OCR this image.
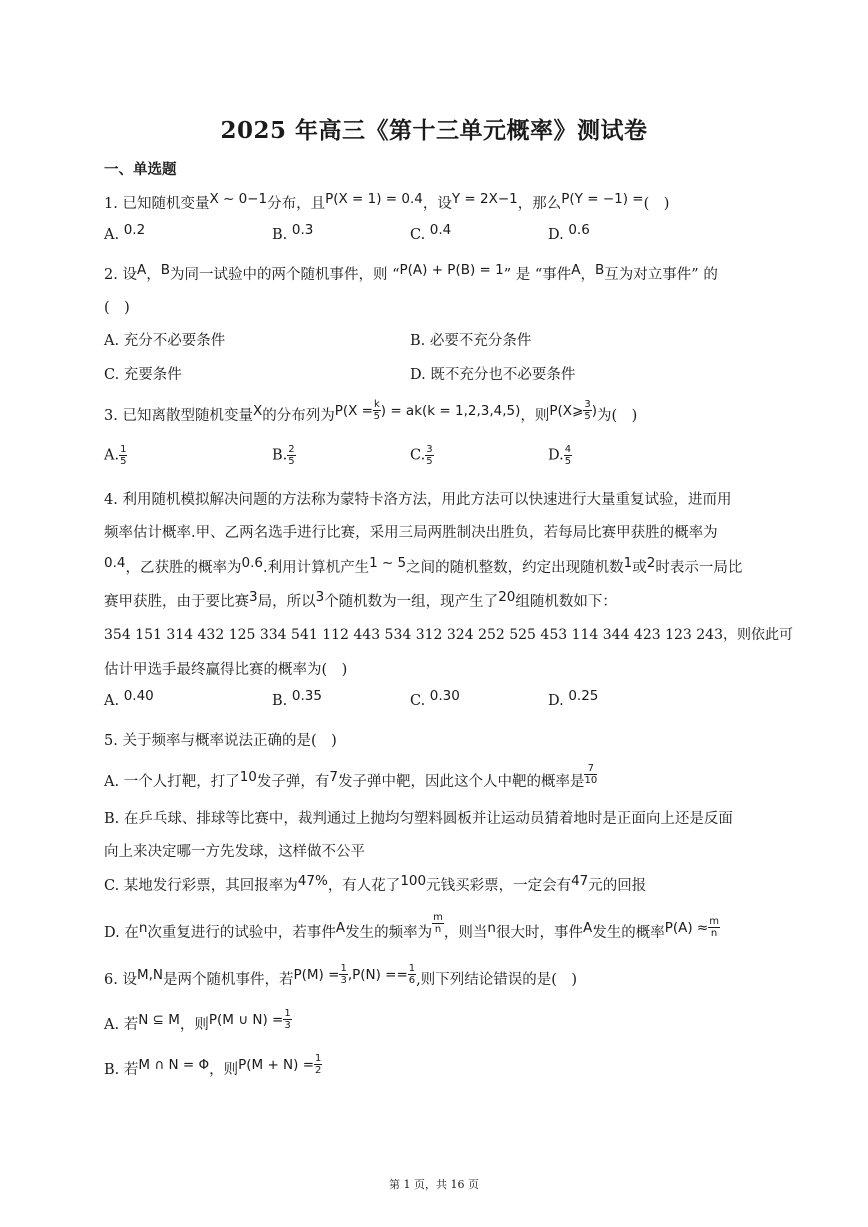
2025 年高三《第十三单元概率》测试卷
一、单选题
1. 已知随机变量X ~ 0−1分布，且P(X = 1) = 0.4，设Y = 2X−1，那么P(Y = −1) =(　)
A. 0.2	B. 0.3	C. 0.4	D. 0.6
2. 设A，B为同一试验中的两个随机事件，则 “P(A) + P(B) = 1” 是 “事件A，B互为对立事件” 的
(　)
A. 充分不必要条件	B. 必要不充分条件
C. 充要条件	D. 既不充分也不必要条件
3. 已知离散型随机变量X的分布列为$P(X = \frac{k}{5}$ ) = ak(k = 1,2,3,4,5)，则P(X⩾ $\frac{3}{5}$ )为(　)
A. $\frac{1}{5}$	B. $\frac{2}{5}$	C. $\frac{3}{5}$	D. $\frac{4}{5}$
4. 利用随机模拟解决问题的方法称为蒙特卡洛方法，用此方法可以快速进行大量重复试验，进而用
频率估计概率.甲、乙两名选手进行比赛，采用三局两胜制决出胜负，若每局比赛甲获胜的概率为
0.4，乙获胜的概率为0.6.利用计算机产生1 ~ 5之间的随机整数，约定出现随机数1或2时表示一局比
赛甲获胜，由于要比赛3局，所以3个随机数为一组，现产生了20组随机数如下：
354 151 314 432 125 334 541 112 443 534 312 324 252 525 453 114 344 423 123 243，则依此可
估计甲选手最终赢得比赛的概率为(　)
A. 0.40	B. 0.35	C. 0.30	D. 0.25
5. 关于频率与概率说法正确的是(　)
A. 一个人打靶，打了10发子弹，有7发子弹中靶，因此这个人中靶的概率是 $\frac{7}{10}$
B. 在乒乓球、排球等比赛中，裁判通过上抛均匀塑料圆板并让运动员猜着地时是正面向上还是反面
向上来决定哪一方先发球，这样做不公平
C. 某地发行彩票，其回报率为47%，有人花了100元钱买彩票，一定会有47元的回报
D. 在n次重复进行的试验中，若事件A发生的频率为 $\frac{m}{n}$ ，则当n很大时，事件A发生的概率$P(A) \approx \frac{m}{n}$
6. 设M,N是两个随机事件，若$P(M) = \frac{1}{3} ,P(N) == \frac{1}{6}$ ,则下列结论错误的是(　)
A. 若N ⊆ M，则P(M ∪ $N) = \frac{1}{3}$
B. 若M ∩ N = Φ，则$P(M + N) = \frac{1}{2}$
第 1 页，共 16 页
